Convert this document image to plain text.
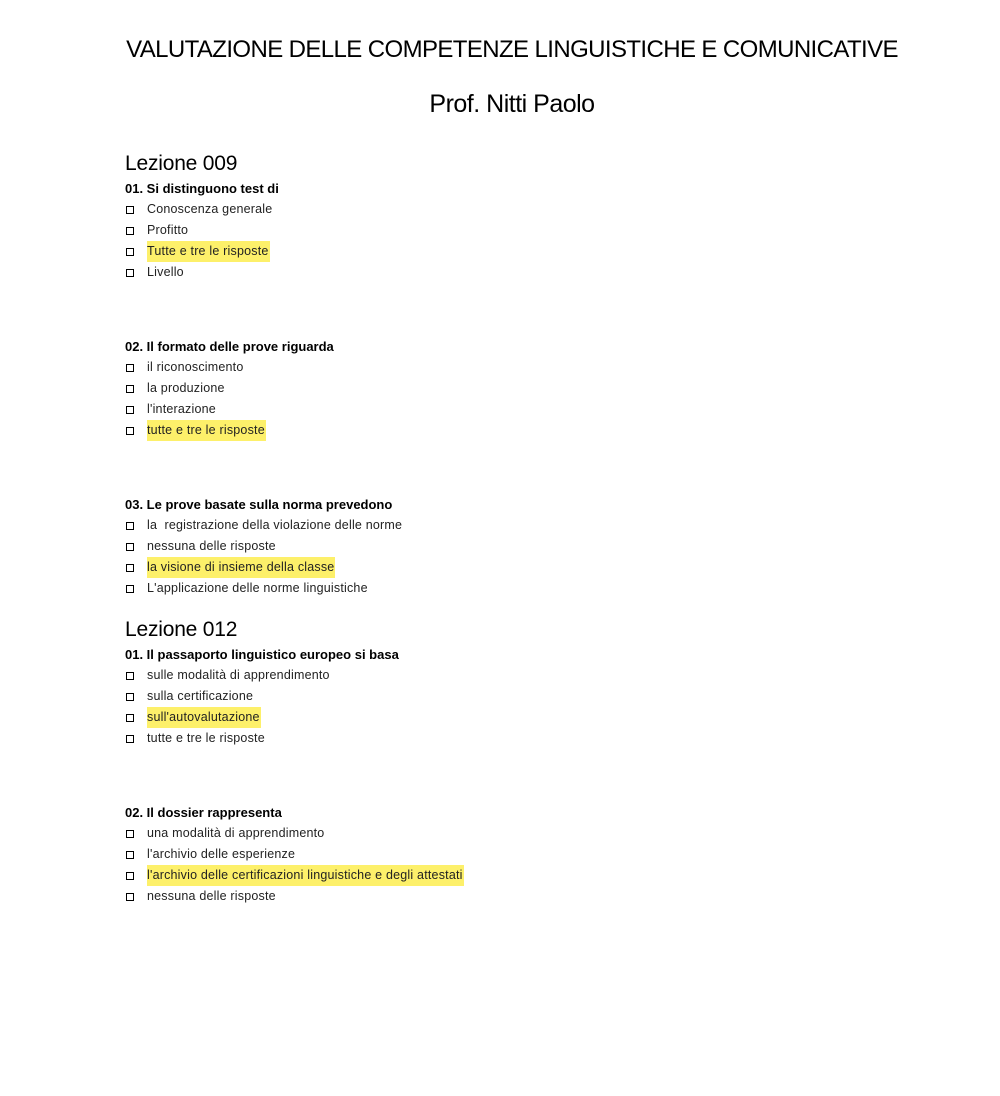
VALUTAZIONE DELLE COMPETENZE LINGUISTICHE E COMUNICATIVE
Prof. Nitti Paolo
Lezione 009

01. Si distinguono test di

Conoscenza generale
Profitto
Tutte e tre le risposte
Livello

02. Il formato delle prove riguarda

il riconoscimento
la produzione
l'interazione
tutte e tre le risposte

03. Le prove basate sulla norma prevedono

la  registrazione della violazione delle norme
nessuna delle risposte
la visione di insieme della classe
L'applicazione delle norme linguistiche
Lezione 012

01. Il passaporto linguistico europeo si basa

sulle modalità di apprendimento
sulla certificazione
sull'autovalutazione
tutte e tre le risposte

02. Il dossier rappresenta

una modalità di apprendimento
l'archivio delle esperienze
l'archivio delle certificazioni linguistiche e degli attestati
nessuna delle risposte
